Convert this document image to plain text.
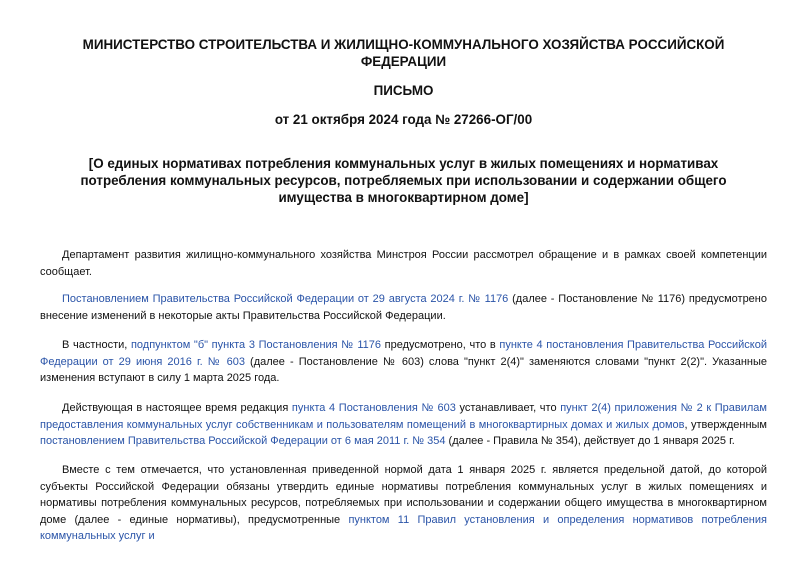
МИНИСТЕРСТВО СТРОИТЕЛЬСТВА И ЖИЛИЩНО-КОММУНАЛЬНОГО ХОЗЯЙСТВА РОССИЙСКОЙ ФЕДЕРАЦИИ
ПИСЬМО
от 21 октября 2024 года № 27266-ОГ/00
[О единых нормативах потребления коммунальных услуг в жилых помещениях и нормативах потребления коммунальных ресурсов, потребляемых при использовании и содержании общего имущества в многоквартирном доме]
Департамент развития жилищно-коммунального хозяйства Минстроя России рассмотрел обращение и в рамках своей компетенции сообщает.
Постановлением Правительства Российской Федерации от 29 августа 2024 г. № 1176 (далее - Постановление № 1176) предусмотрено внесение изменений в некоторые акты Правительства Российской Федерации.
В частности, подпунктом "б" пункта 3 Постановления № 1176 предусмотрено, что в пункте 4 постановления Правительства Российской Федерации от 29 июня 2016 г. № 603 (далее - Постановление № 603) слова "пункт 2(4)" заменяются словами "пункт 2(2)". Указанные изменения вступают в силу 1 марта 2025 года.
Действующая в настоящее время редакция пункта 4 Постановления № 603 устанавливает, что пункт 2(4) приложения № 2 к Правилам предоставления коммунальных услуг собственникам и пользователям помещений в многоквартирных домах и жилых домов, утвержденным постановлением Правительства Российской Федерации от 6 мая 2011 г. № 354 (далее - Правила № 354), действует до 1 января 2025 г.
Вместе с тем отмечается, что установленная приведенной нормой дата 1 января 2025 г. является предельной датой, до которой субъекты Российской Федерации обязаны утвердить единые нормативы потребления коммунальных услуг в жилых помещениях и нормативы потребления коммунальных ресурсов, потребляемых при использовании и содержании общего имущества в многоквартирном доме (далее - единые нормативы), предусмотренные пунктом 11 Правил установления и определения нормативов потребления коммунальных услуг и
